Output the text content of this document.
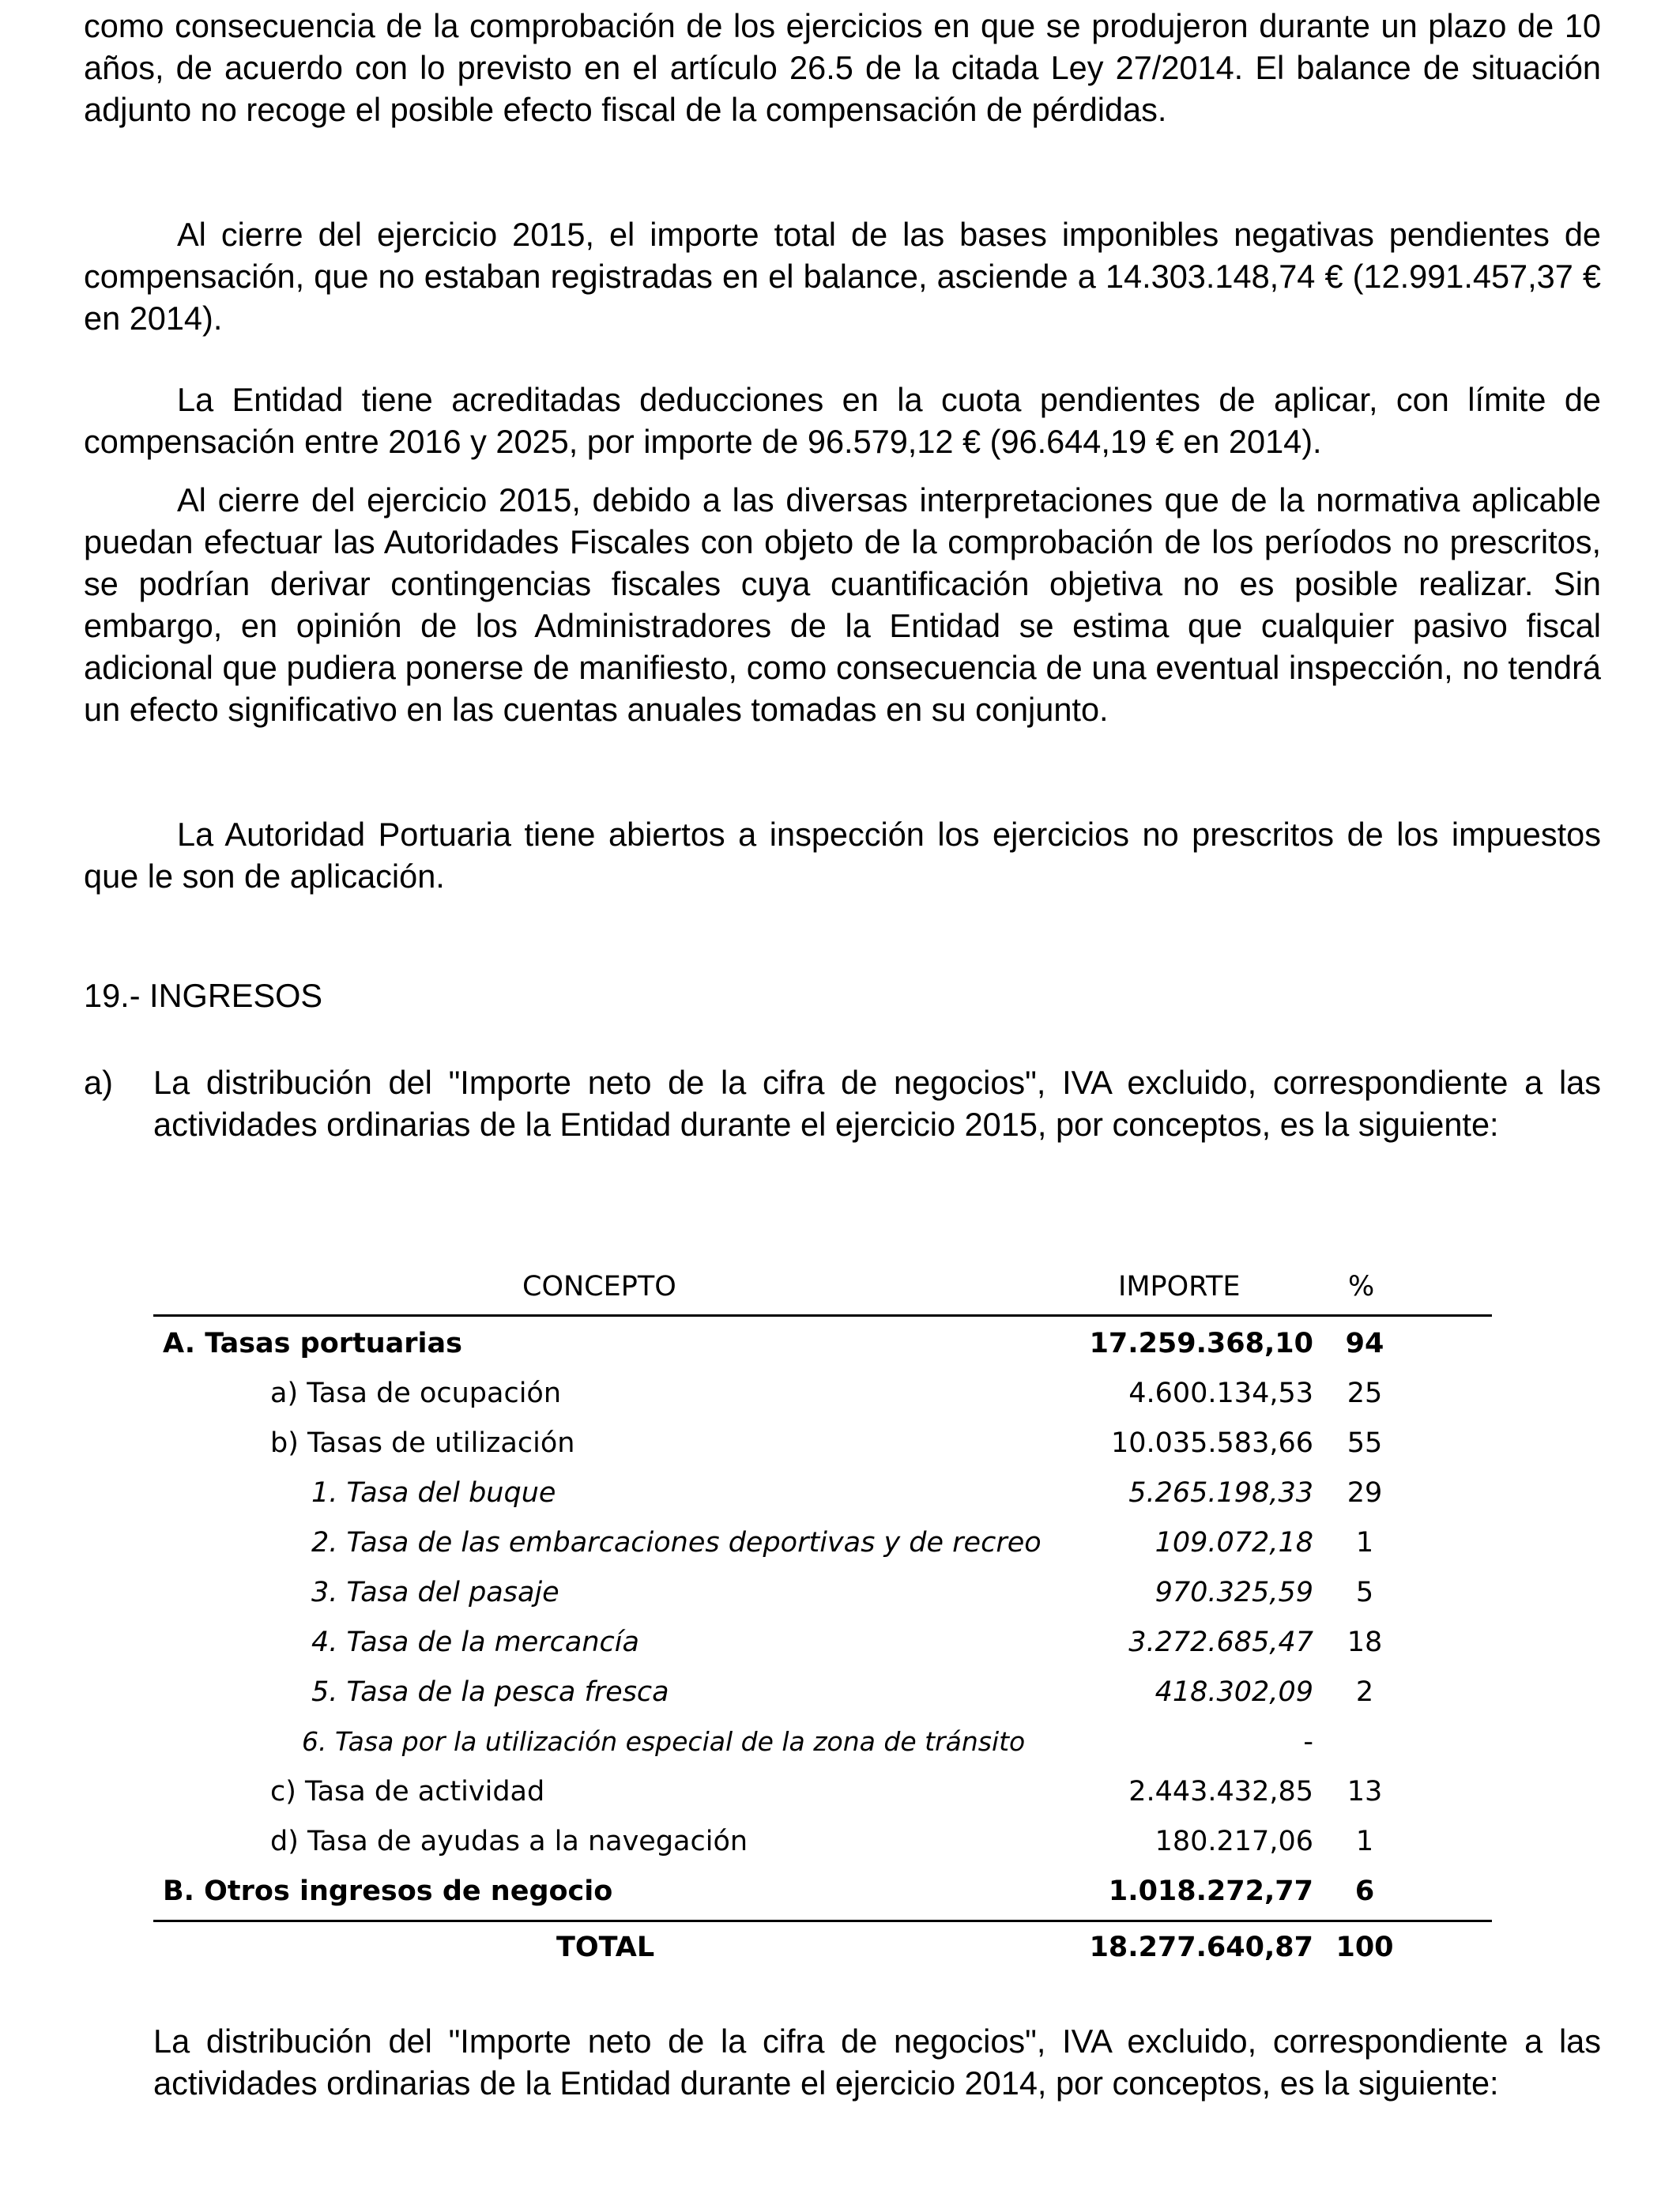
como consecuencia de la comprobación de los ejercicios en que se produjeron durante un plazo de 10 años, de acuerdo con lo previsto en el artículo 26.5 de la citada Ley 27/2014. El balance de situación adjunto no recoge el posible efecto fiscal de la compensación de pérdidas.

Al cierre del ejercicio 2015, el importe total de las bases imponibles negativas pendientes de compensación, que no estaban registradas en el balance, asciende a 14.303.148,74 € (12.991.457,37 € en 2014).

La Entidad tiene acreditadas deducciones en la cuota pendientes de aplicar, con límite de compensación entre 2016 y 2025, por importe de 96.579,12 € (96.644,19 € en 2014).

Al cierre del ejercicio 2015, debido a las diversas interpretaciones que de la normativa aplicable puedan efectuar las Autoridades Fiscales con objeto de la comprobación de los períodos no prescritos, se podrían derivar contingencias fiscales cuya cuantificación objetiva no es posible realizar. Sin embargo, en opinión de los Administradores de la Entidad se estima que cualquier pasivo fiscal adicional que pudiera ponerse de manifiesto, como consecuencia de una eventual inspección, no tendrá un efecto significativo en las cuentas anuales tomadas en su conjunto.

La Autoridad Portuaria tiene abiertos a inspección los ejercicios no prescritos de los impuestos que le son de aplicación.

19.- INGRESOS
a) La distribución del "Importe neto de la cifra de negocios", IVA excluido, correspondiente a las actividades ordinarias de la Entidad durante el ejercicio 2015, por conceptos, es la siguiente:

CONCEPTO	IMPORTE	%
A. Tasas portuarias	17.259.368,10	94
a) Tasa de ocupación	4.600.134,53	25
b) Tasas de utilización	10.035.583,66	55
1. Tasa del buque	5.265.198,33	29
2. Tasa de las embarcaciones deportivas y de recreo	109.072,18	1
3. Tasa del pasaje	970.325,59	5
4. Tasa de la mercancía	3.272.685,47	18
5. Tasa de la pesca fresca	418.302,09	2
6. Tasa por la utilización especial de la zona de tránsito	-
c) Tasa de actividad	2.443.432,85	13
d) Tasa de ayudas a la navegación	180.217,06	1
B. Otros ingresos de negocio	1.018.272,77	6
TOTAL	18.277.640,87 100

La distribución del "Importe neto de la cifra de negocios", IVA excluido, correspondiente a las actividades ordinarias de la Entidad durante el ejercicio 2014, por conceptos, es la siguiente:
